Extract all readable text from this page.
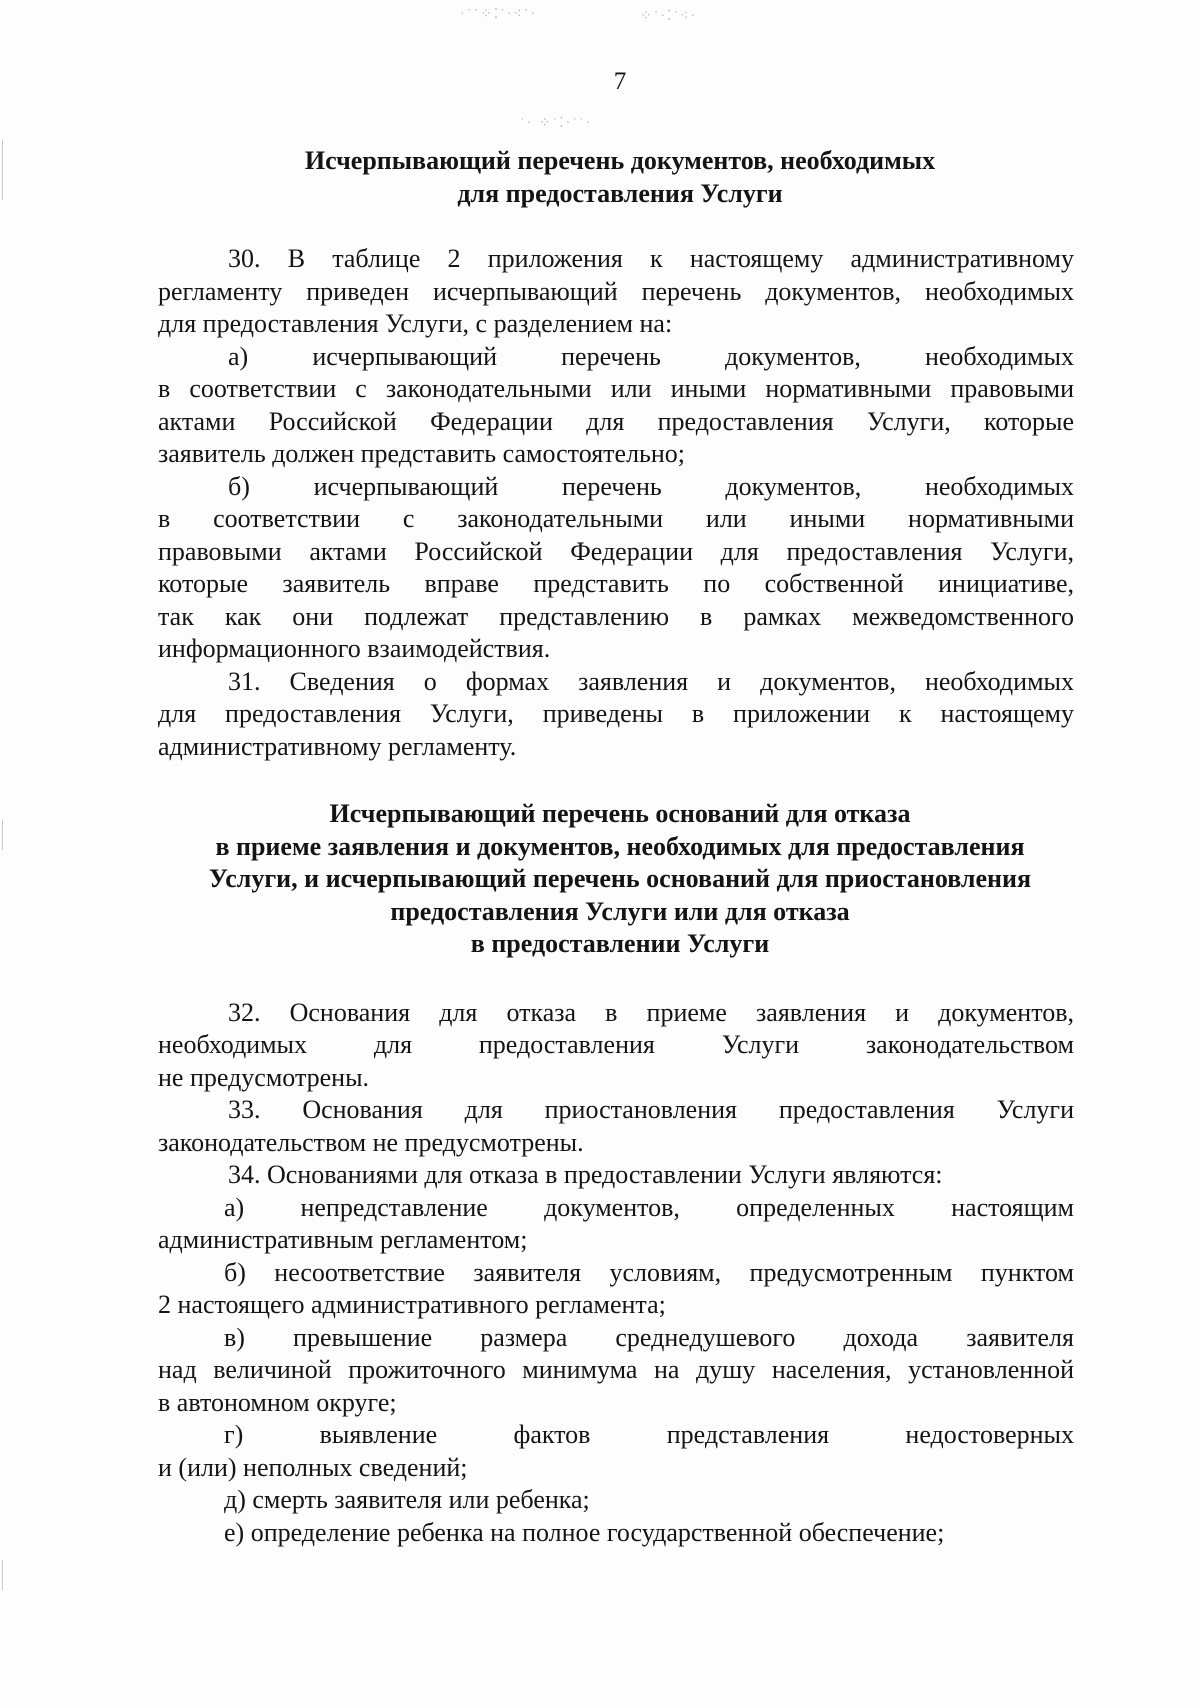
·˙˙⁘⁚˙·⁖˙·	⁘˙·⁚˙⁖·
˙· ⁘˙⁚·˙˙·
7
Исчерпывающий перечень документов, необходимых
для предоставления Услуги
30. В таблице 2 приложения к настоящему административному
регламенту приведен исчерпывающий перечень документов, необходимых
для предоставления Услуги, с разделением на:
а) исчерпывающий перечень документов, необходимых
в соответствии с законодательными или иными нормативными правовыми
актами Российской Федерации для предоставления Услуги, которые
заявитель должен представить самостоятельно;
б) исчерпывающий перечень документов, необходимых
в соответствии с законодательными или иными нормативными
правовыми актами Российской Федерации для предоставления Услуги,
которые заявитель вправе представить по собственной инициативе,
так как они подлежат представлению в рамках межведомственного
информационного взаимодействия.
31. Сведения о формах заявления и документов, необходимых
для предоставления Услуги, приведены в приложении к настоящему
административному регламенту.
Исчерпывающий перечень оснований для отказа
в приеме заявления и документов, необходимых для предоставления
Услуги, и исчерпывающий перечень оснований для приостановления
предоставления Услуги или для отказа
в предоставлении Услуги
32. Основания для отказа в приеме заявления и документов,
необходимых для предоставления Услуги законодательством
не предусмотрены.
33. Основания для приостановления предоставления Услуги
законодательством не предусмотрены.
34. Основаниями для отказа в предоставлении Услуги являются:
а) непредставление документов, определенных настоящим
административным регламентом;
б) несоответствие заявителя условиям, предусмотренным пунктом
2 настоящего административного регламента;
в) превышение размера среднедушевого дохода заявителя
над величиной прожиточного минимума на душу населения, установленной
в автономном округе;
г) выявление фактов представления недостоверных
и (или) неполных сведений;
д) смерть заявителя или ребенка;
е) определение ребенка на полное государственной обеспечение;
